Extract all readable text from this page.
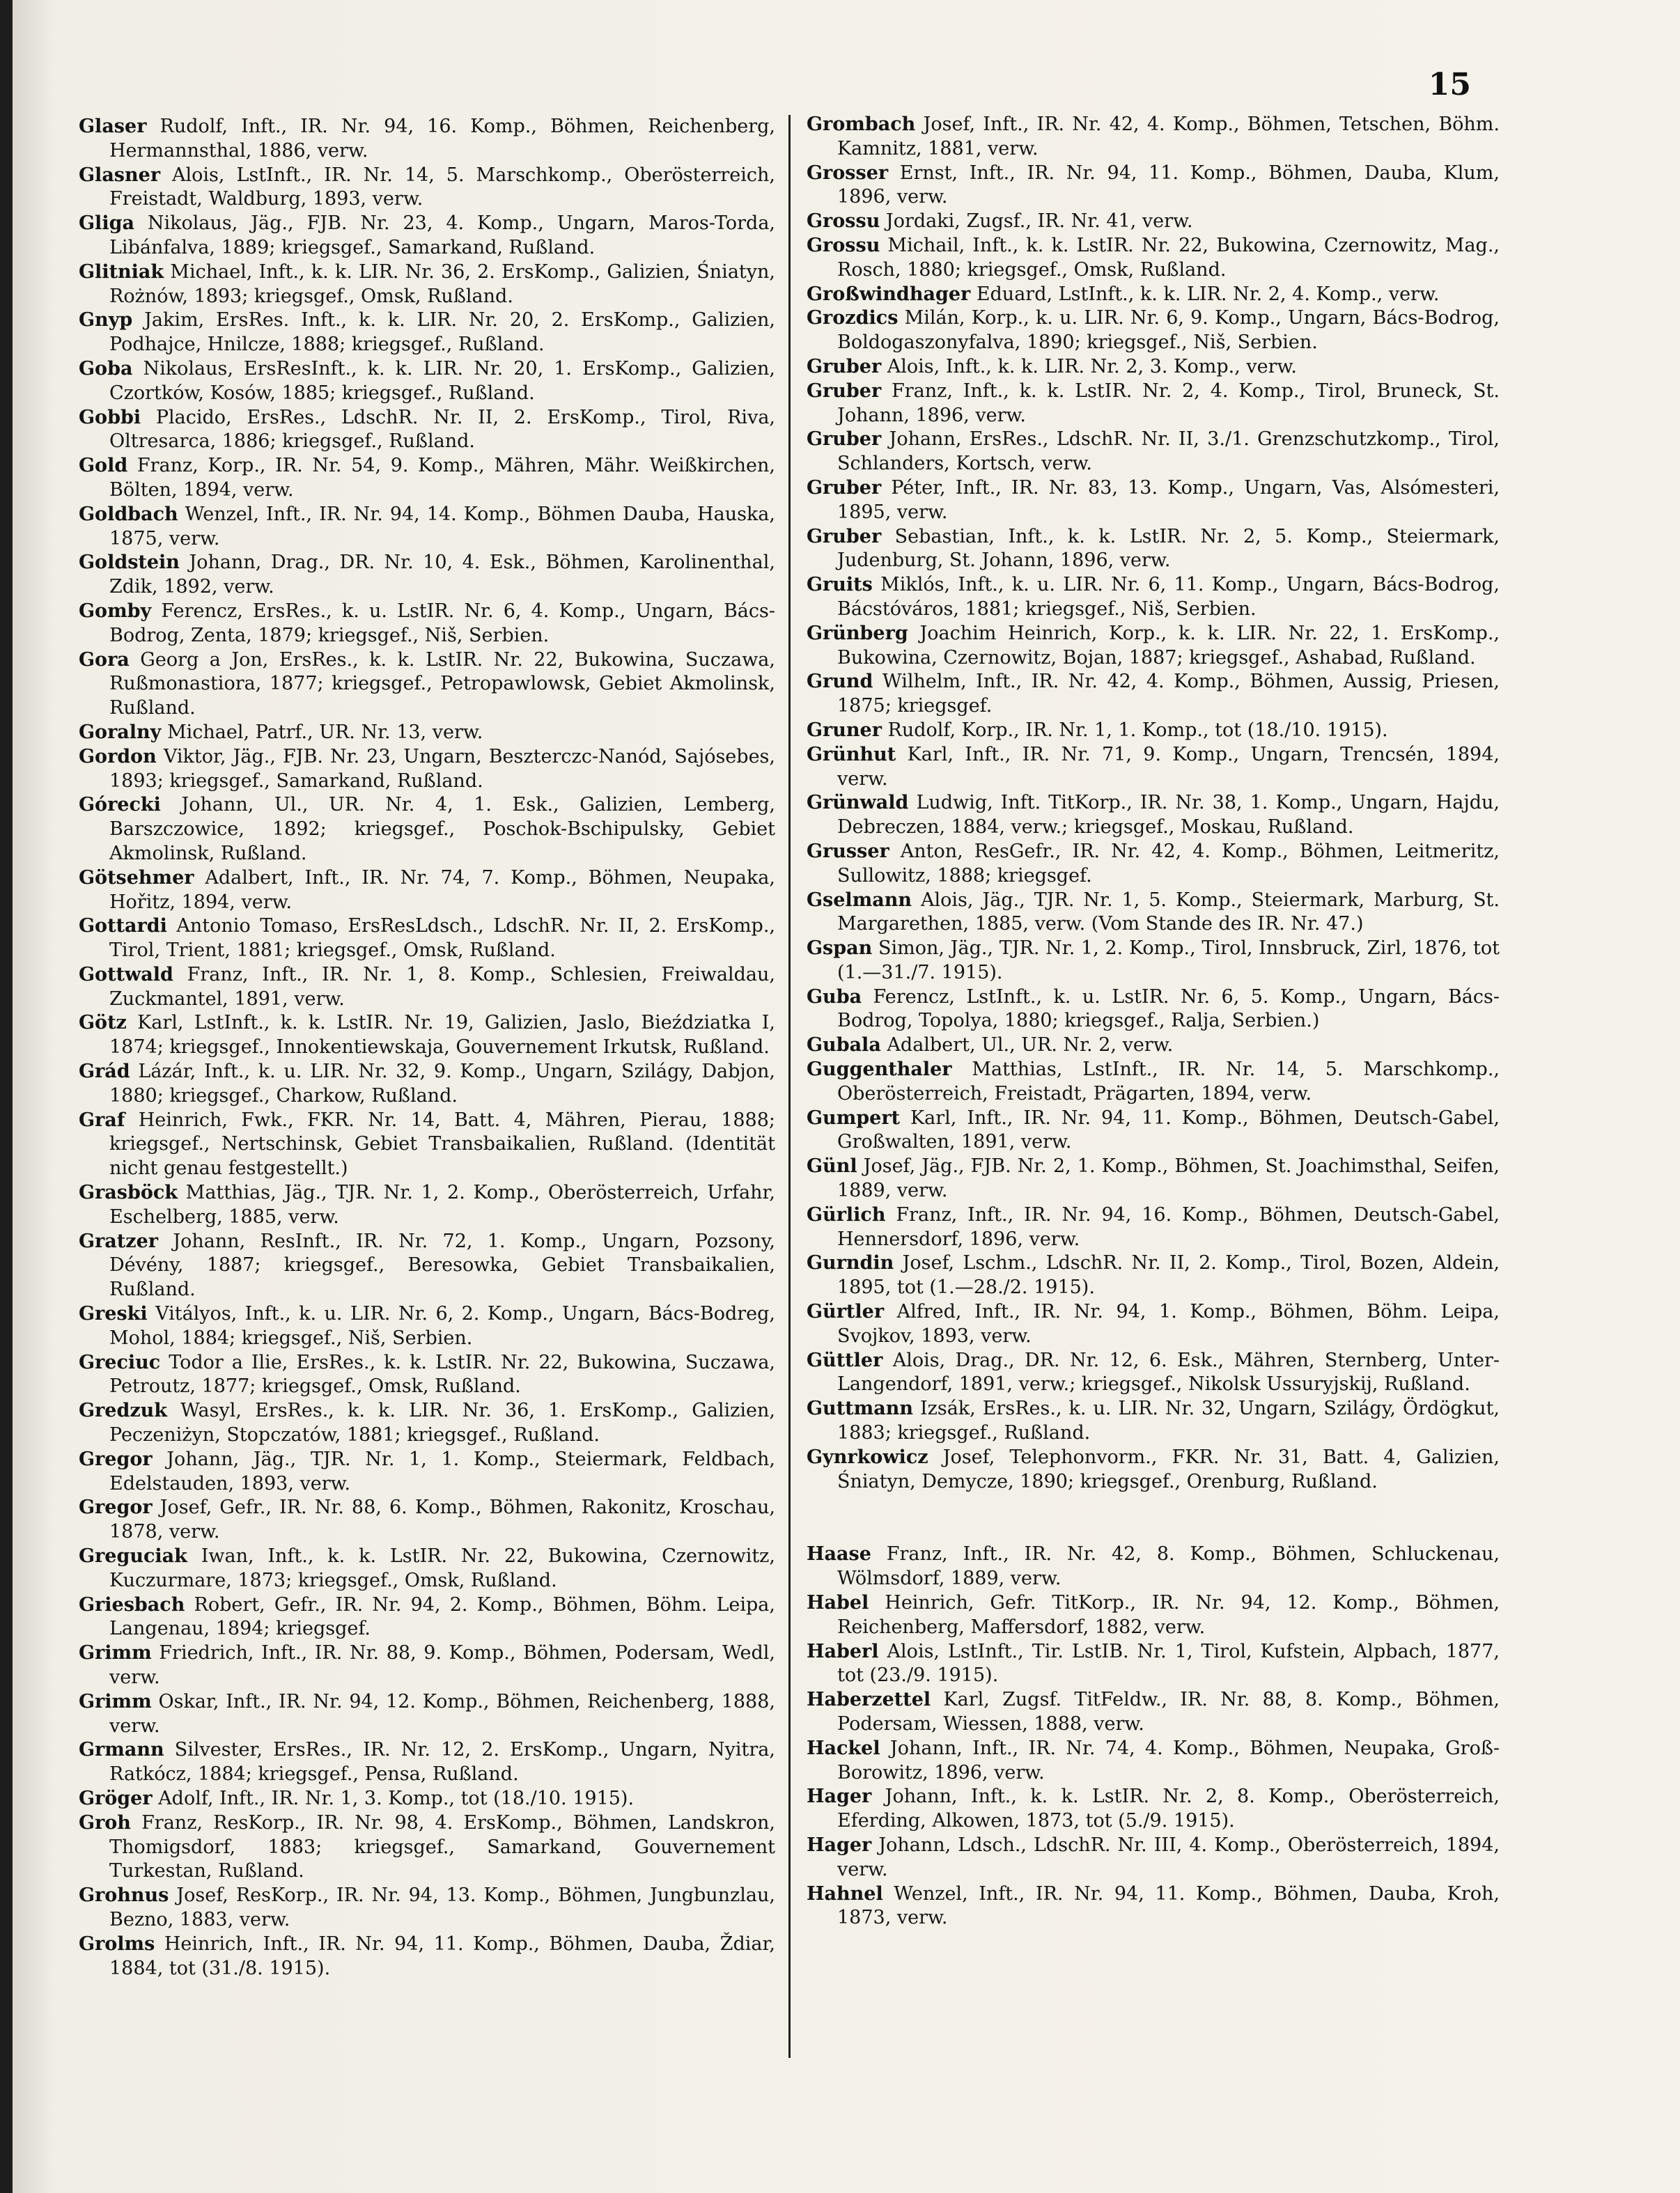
15

Glaser Rudolf, Inft., IR. Nr. 94, 16. Komp., Böhmen, Reichenberg, Hermannsthal, 1886, verw.

Glasner Alois, LstInft., IR. Nr. 14, 5. Marschkomp., Oberösterreich, Freistadt, Waldburg, 1893, verw.

Gliga Nikolaus, Jäg., FJB. Nr. 23, 4. Komp., Ungarn, Maros-Torda, Libánfalva, 1889; kriegsgef., Samarkand, Rußland.

Glitniak Michael, Inft., k. k. LIR. Nr. 36, 2. ErsKomp., Galizien, Śniatyn, Rożnów, 1893; kriegsgef., Omsk, Rußland.

Gnyp Jakim, ErsRes. Inft., k. k. LIR. Nr. 20, 2. ErsKomp., Galizien, Podhajce, Hnilcze, 1888; kriegsgef., Rußland.

Goba Nikolaus, ErsResInft., k. k. LIR. Nr. 20, 1. ErsKomp., Galizien, Czortków, Kosów, 1885; kriegsgef., Rußland.

Gobbi Placido, ErsRes., LdschR. Nr. II, 2. ErsKomp., Tirol, Riva, Oltresarca, 1886; kriegsgef., Rußland.

Gold Franz, Korp., IR. Nr. 54, 9. Komp., Mähren, Mähr. Weißkirchen, Bölten, 1894, verw.

Goldbach Wenzel, Inft., IR. Nr. 94, 14. Komp., Böhmen Dauba, Hauska, 1875, verw.

Goldstein Johann, Drag., DR. Nr. 10, 4. Esk., Böhmen, Karolinenthal, Zdik, 1892, verw.

Gomby Ferencz, ErsRes., k. u. LstIR. Nr. 6, 4. Komp., Ungarn, Bács-Bodrog, Zenta, 1879; kriegsgef., Niš, Serbien.

Gora Georg a Jon, ErsRes., k. k. LstIR. Nr. 22, Bukowina, Suczawa, Rußmonastiora, 1877; kriegsgef., Petropawlowsk, Gebiet Akmolinsk, Rußland.

Goralny Michael, Patrf., UR. Nr. 13, verw.

Gordon Viktor, Jäg., FJB. Nr. 23, Ungarn, Beszterczc-Nanód, Sajósebes, 1893; kriegsgef., Samarkand, Rußland.

Górecki Johann, Ul., UR. Nr. 4, 1. Esk., Galizien, Lemberg, Barszczowice, 1892; kriegsgef., Poschok-Bschipulsky, Gebiet Akmolinsk, Rußland.

Götsehmer Adalbert, Inft., IR. Nr. 74, 7. Komp., Böhmen, Neupaka, Hořitz, 1894, verw.

Gottardi Antonio Tomaso, ErsResLdsch., LdschR. Nr. II, 2. ErsKomp., Tirol, Trient, 1881; kriegsgef., Omsk, Rußland.

Gottwald Franz, Inft., IR. Nr. 1, 8. Komp., Schlesien, Freiwaldau, Zuckmantel, 1891, verw.

Götz Karl, LstInft., k. k. LstIR. Nr. 19, Galizien, Jaslo, Bieździatka I, 1874; kriegsgef., Innokentiewskaja, Gouvernement Irkutsk, Rußland.

Grád Lázár, Inft., k. u. LIR. Nr. 32, 9. Komp., Ungarn, Szilágy, Dabjon, 1880; kriegsgef., Charkow, Rußland.

Graf Heinrich, Fwk., FKR. Nr. 14, Batt. 4, Mähren, Pierau, 1888; kriegsgef., Nertschinsk, Gebiet Transbaikalien, Rußland. (Identität nicht genau festgestellt.)

Grasböck Matthias, Jäg., TJR. Nr. 1, 2. Komp., Oberösterreich, Urfahr, Eschelberg, 1885, verw.

Gratzer Johann, ResInft., IR. Nr. 72, 1. Komp., Ungarn, Pozsony, Dévény, 1887; kriegsgef., Beresowka, Gebiet Transbaikalien, Rußland.

Greski Vitályos, Inft., k. u. LIR. Nr. 6, 2. Komp., Ungarn, Bács-Bodreg, Mohol, 1884; kriegsgef., Niš, Serbien.

Greciuc Todor a Ilie, ErsRes., k. k. LstIR. Nr. 22, Bukowina, Suczawa, Petroutz, 1877; kriegsgef., Omsk, Rußland.

Gredzuk Wasyl, ErsRes., k. k. LIR. Nr. 36, 1. ErsKomp., Galizien, Peczeniżyn, Stopczatów, 1881; kriegsgef., Rußland.

Gregor Johann, Jäg., TJR. Nr. 1, 1. Komp., Steiermark, Feldbach, Edelstauden, 1893, verw.

Gregor Josef, Gefr., IR. Nr. 88, 6. Komp., Böhmen, Rakonitz, Kroschau, 1878, verw.

Greguciak Iwan, Inft., k. k. LstIR. Nr. 22, Bukowina, Czernowitz, Kuczurmare, 1873; kriegsgef., Omsk, Rußland.

Griesbach Robert, Gefr., IR. Nr. 94, 2. Komp., Böhmen, Böhm. Leipa, Langenau, 1894; kriegsgef.

Grimm Friedrich, Inft., IR. Nr. 88, 9. Komp., Böhmen, Podersam, Wedl, verw.

Grimm Oskar, Inft., IR. Nr. 94, 12. Komp., Böhmen, Reichenberg, 1888, verw.

Grmann Silvester, ErsRes., IR. Nr. 12, 2. ErsKomp., Ungarn, Nyitra, Ratkócz, 1884; kriegsgef., Pensa, Rußland.

Gröger Adolf, Inft., IR. Nr. 1, 3. Komp., tot (18./10. 1915).

Groh Franz, ResKorp., IR. Nr. 98, 4. ErsKomp., Böhmen, Landskron, Thomigsdorf, 1883; kriegsgef., Samarkand, Gouvernement Turkestan, Rußland.

Grohnus Josef, ResKorp., IR. Nr. 94, 13. Komp., Böhmen, Jungbunzlau, Bezno, 1883, verw.

Grolms Heinrich, Inft., IR. Nr. 94, 11. Komp., Böhmen, Dauba, Ždiar, 1884, tot (31./8. 1915).

Grombach Josef, Inft., IR. Nr. 42, 4. Komp., Böhmen, Tetschen, Böhm. Kamnitz, 1881, verw.

Grosser Ernst, Inft., IR. Nr. 94, 11. Komp., Böhmen, Dauba, Klum, 1896, verw.

Grossu Jordaki, Zugsf., IR. Nr. 41, verw.

Grossu Michail, Inft., k. k. LstIR. Nr. 22, Bukowina, Czernowitz, Mag., Rosch, 1880; kriegsgef., Omsk, Rußland.

Großwindhager Eduard, LstInft., k. k. LIR. Nr. 2, 4. Komp., verw.

Grozdics Milán, Korp., k. u. LIR. Nr. 6, 9. Komp., Ungarn, Bács-Bodrog, Boldogaszonyfalva, 1890; kriegsgef., Niš, Serbien.

Gruber Alois, Inft., k. k. LIR. Nr. 2, 3. Komp., verw.

Gruber Franz, Inft., k. k. LstIR. Nr. 2, 4. Komp., Tirol, Bruneck, St. Johann, 1896, verw.

Gruber Johann, ErsRes., LdschR. Nr. II, 3./1. Grenzschutzkomp., Tirol, Schlanders, Kortsch, verw.

Gruber Péter, Inft., IR. Nr. 83, 13. Komp., Ungarn, Vas, Alsómesteri, 1895, verw.

Gruber Sebastian, Inft., k. k. LstIR. Nr. 2, 5. Komp., Steiermark, Judenburg, St. Johann, 1896, verw.

Gruits Miklós, Inft., k. u. LIR. Nr. 6, 11. Komp., Ungarn, Bács-Bodrog, Bácstóváros, 1881; kriegsgef., Niš, Serbien.

Grünberg Joachim Heinrich, Korp., k. k. LIR. Nr. 22, 1. ErsKomp., Bukowina, Czernowitz, Bojan, 1887; kriegsgef., Ashabad, Rußland.

Grund Wilhelm, Inft., IR. Nr. 42, 4. Komp., Böhmen, Aussig, Priesen, 1875; kriegsgef.

Gruner Rudolf, Korp., IR. Nr. 1, 1. Komp., tot (18./10. 1915).

Grünhut Karl, Inft., IR. Nr. 71, 9. Komp., Ungarn, Trencsén, 1894, verw.

Grünwald Ludwig, Inft. TitKorp., IR. Nr. 38, 1. Komp., Ungarn, Hajdu, Debreczen, 1884, verw.; kriegsgef., Moskau, Rußland.

Grusser Anton, ResGefr., IR. Nr. 42, 4. Komp., Böhmen, Leitmeritz, Sullowitz, 1888; kriegsgef.

Gselmann Alois, Jäg., TJR. Nr. 1, 5. Komp., Steiermark, Marburg, St. Margarethen, 1885, verw. (Vom Stande des IR. Nr. 47.)

Gspan Simon, Jäg., TJR. Nr. 1, 2. Komp., Tirol, Innsbruck, Zirl, 1876, tot (1.—31./7. 1915).

Guba Ferencz, LstInft., k. u. LstIR. Nr. 6, 5. Komp., Ungarn, Bács-Bodrog, Topolya, 1880; kriegsgef., Ralja, Serbien.)

Gubala Adalbert, Ul., UR. Nr. 2, verw.

Guggenthaler Matthias, LstInft., IR. Nr. 14, 5. Marschkomp., Oberösterreich, Freistadt, Prägarten, 1894, verw.

Gumpert Karl, Inft., IR. Nr. 94, 11. Komp., Böhmen, Deutsch-Gabel, Großwalten, 1891, verw.

Günl Josef, Jäg., FJB. Nr. 2, 1. Komp., Böhmen, St. Joachimsthal, Seifen, 1889, verw.

Gürlich Franz, Inft., IR. Nr. 94, 16. Komp., Böhmen, Deutsch-Gabel, Hennersdorf, 1896, verw.

Gurndin Josef, Lschm., LdschR. Nr. II, 2. Komp., Tirol, Bozen, Aldein, 1895, tot (1.—28./2. 1915).

Gürtler Alfred, Inft., IR. Nr. 94, 1. Komp., Böhmen, Böhm. Leipa, Svojkov, 1893, verw.

Güttler Alois, Drag., DR. Nr. 12, 6. Esk., Mähren, Sternberg, Unter-Langendorf, 1891, verw.; kriegsgef., Nikolsk Ussuryjskij, Rußland.

Guttmann Izsák, ErsRes., k. u. LIR. Nr. 32, Ungarn, Szilágy, Ördögkut, 1883; kriegsgef., Rußland.

Gynrkowicz Josef, Telephonvorm., FKR. Nr. 31, Batt. 4, Galizien, Śniatyn, Demycze, 1890; kriegsgef., Orenburg, Rußland.

Haase Franz, Inft., IR. Nr. 42, 8. Komp., Böhmen, Schluckenau, Wölmsdorf, 1889, verw.

Habel Heinrich, Gefr. TitKorp., IR. Nr. 94, 12. Komp., Böhmen, Reichenberg, Maffersdorf, 1882, verw.

Haberl Alois, LstInft., Tir. LstIB. Nr. 1, Tirol, Kufstein, Alpbach, 1877, tot (23./9. 1915).

Haberzettel Karl, Zugsf. TitFeldw., IR. Nr. 88, 8. Komp., Böhmen, Podersam, Wiessen, 1888, verw.

Hackel Johann, Inft., IR. Nr. 74, 4. Komp., Böhmen, Neupaka, Groß-Borowitz, 1896, verw.

Hager Johann, Inft., k. k. LstIR. Nr. 2, 8. Komp., Oberösterreich, Eferding, Alkowen, 1873, tot (5./9. 1915).

Hager Johann, Ldsch., LdschR. Nr. III, 4. Komp., Oberösterreich, 1894, verw.

Hahnel Wenzel, Inft., IR. Nr. 94, 11. Komp., Böhmen, Dauba, Kroh, 1873, verw.
